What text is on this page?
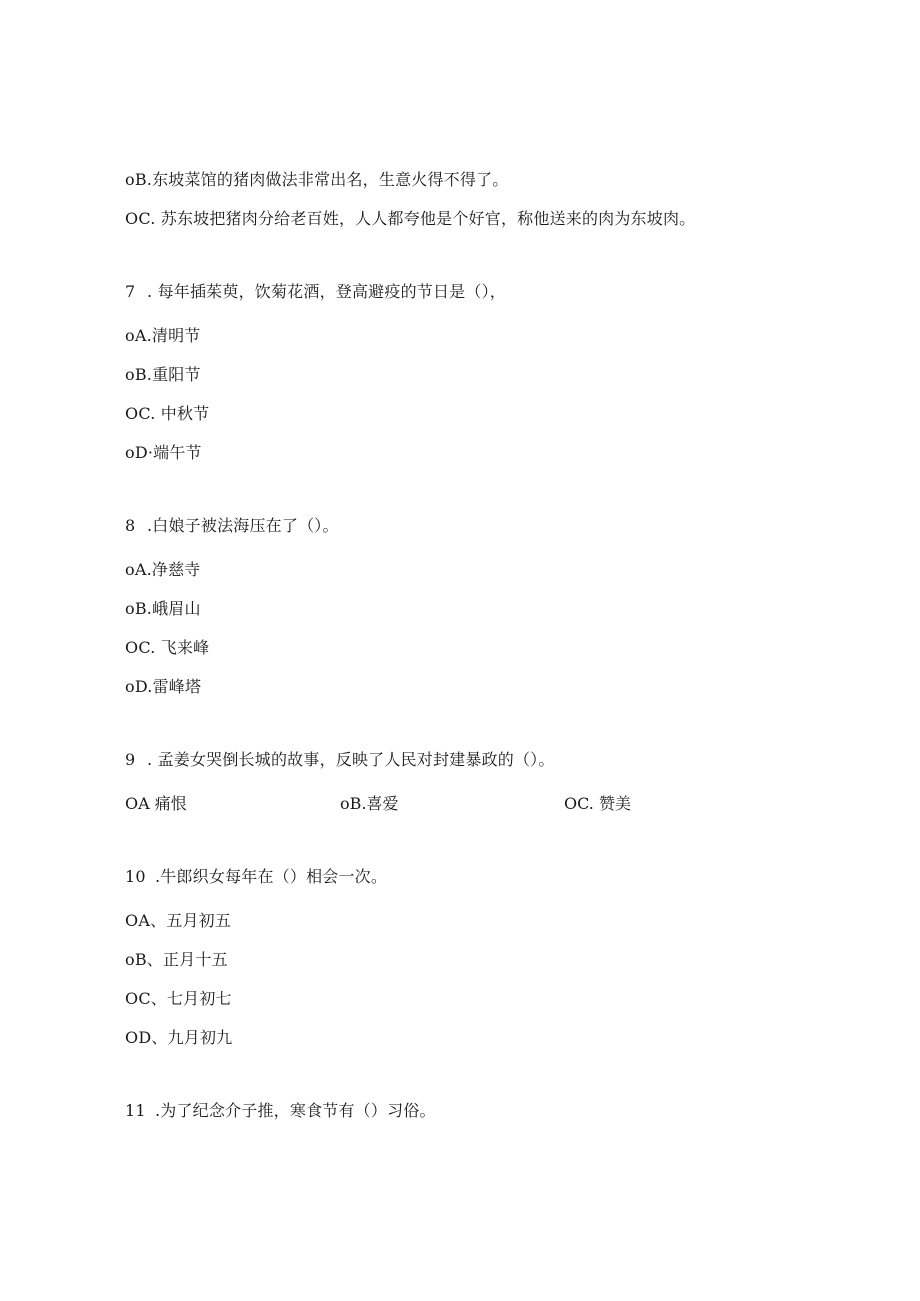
oB.东坡菜馆的猪肉做法非常出名，生意火得不得了。
OC. 苏东坡把猪肉分给老百姓，人人都夸他是个好官，称他送来的肉为东坡肉。
7 . 每年插茱萸，饮菊花酒，登高避疫的节日是（），
oA.清明节
oB.重阳节
OC. 中秋节
oD·端午节
8 .白娘子被法海压在了（）。
oA.净慈寺
oB.峨眉山
OC. 飞来峰
oD.雷峰塔
9 . 孟姜女哭倒长城的故事，反映了人民对封建暴政的（）。
OA 痛恨	oB.喜爱	OC. 赞美
10 .牛郎织女每年在（）相会一次。
OA、五月初五
oB、正月十五
OC、七月初七
OD、九月初九
11 .为了纪念介子推，寒食节有（）习俗。
